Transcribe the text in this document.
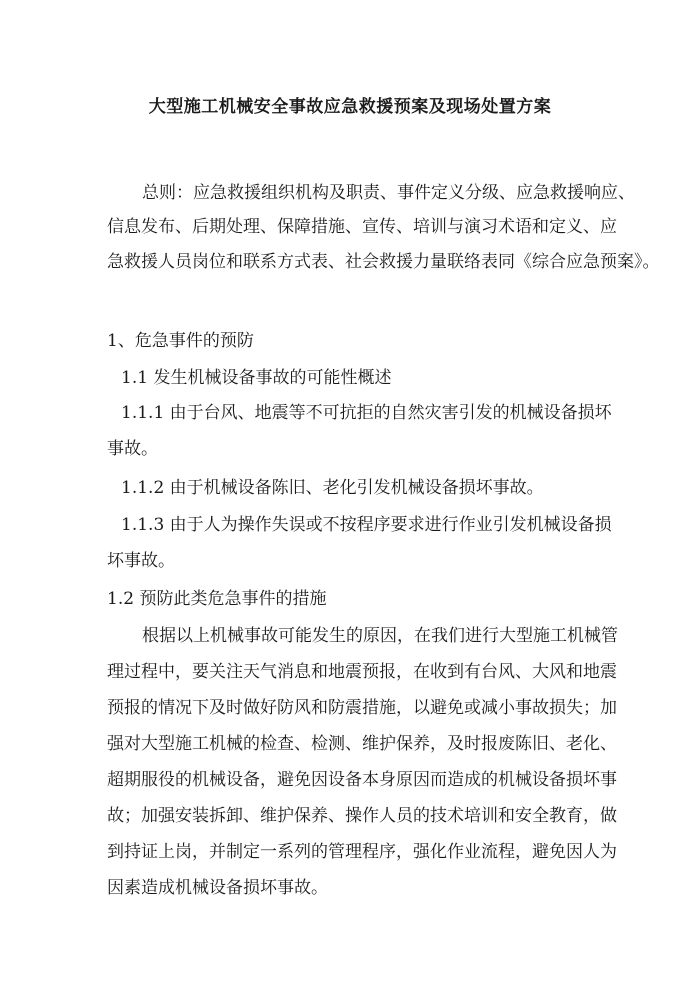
大型施工机械安全事故应急救援预案及现场处置方案
总则：应急救援组织机构及职责、事件定义分级、应急救援响应、
信息发布、后期处理、保障措施、宣传、培训与演习术语和定义、应
急救援人员岗位和联系方式表、社会救援力量联络表同《综合应急预案》。
1、危急事件的预防
1.1 发生机械设备事故的可能性概述
1.1.1 由于台风、地震等不可抗拒的自然灾害引发的机械设备损坏
事故。
1.1.2 由于机械设备陈旧、老化引发机械设备损坏事故。
1.1.3 由于人为操作失误或不按程序要求进行作业引发机械设备损
坏事故。
1.2 预防此类危急事件的措施
根据以上机械事故可能发生的原因，在我们进行大型施工机械管
理过程中，要关注天气消息和地震预报，在收到有台风、大风和地震
预报的情况下及时做好防风和防震措施，以避免或减小事故损失；加
强对大型施工机械的检查、检测、维护保养，及时报废陈旧、老化、
超期服役的机械设备，避免因设备本身原因而造成的机械设备损坏事
故；加强安装拆卸、维护保养、操作人员的技术培训和安全教育，做
到持证上岗，并制定一系列的管理程序，强化作业流程，避免因人为
因素造成机械设备损坏事故。
